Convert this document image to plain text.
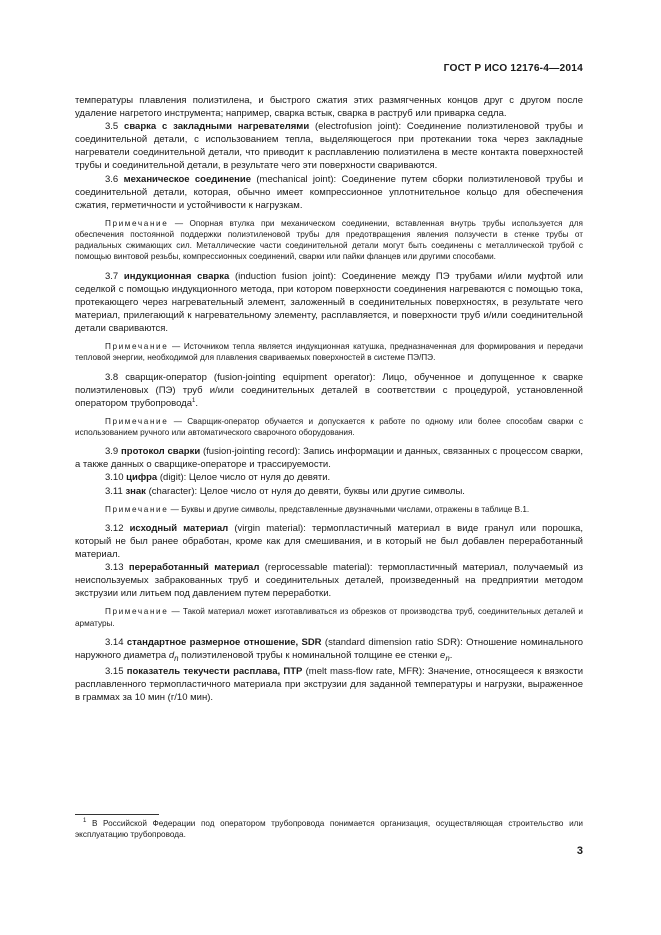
ГОСТ Р ИСО 12176-4—2014

температуры плавления полиэтилена, и быстрого сжатия этих размягченных концов друг с другом после удаление нагретого инструмента; например, сварка встык, сварка в раструб или приварка седла.

3.5 сварка с закладными нагревателями (electrofusion joint): Соединение полиэтиленовой трубы и соединительной детали, с использованием тепла, выделяющегося при протекании тока через закладные нагреватели соединительной детали, что приводит к расплавлению полиэтилена в месте контакта поверхностей трубы и соединительной детали, в результате чего эти поверхности свариваются.

3.6 механическое соединение (mechanical joint): Соединение путем сборки полиэтиленовой трубы и соединительной детали, которая, обычно имеет компрессионное уплотнительное кольцо для обеспечения сжатия, герметичности и устойчивости к нагрузкам.

Примечание — Опорная втулка при механическом соединении, вставленная внутрь трубы используется для обеспечения постоянной поддержки полиэтиленовой трубы для предотвращения явления ползучести в стенке трубы от радиальных сжимающих сил. Металлические части соединительной детали могут быть соединены с металлической трубой с помощью винтовой резьбы, компрессионных соединений, сварки или пайки фланцев или другими способами.

3.7 индукционная сварка (induction fusion joint): Соединение между ПЭ трубами и/или муфтой или седелкой с помощью индукционного метода, при котором поверхности соединения нагреваются с помощью тока, протекающего через нагревательный элемент, заложенный в соединительных поверхностях, в результате чего материал, прилегающий к нагревательному элементу, расплавляется, и поверхности труб и/или соединительной детали свариваются.

Примечание — Источником тепла является индукционная катушка, предназначенная для формирования и передачи тепловой энергии, необходимой для плавления свариваемых поверхностей в системе ПЭ/ПЭ.

3.8 сварщик-оператор (fusion-jointing equipment operator): Лицо, обученное и допущенное к сварке полиэтиленовых (ПЭ) труб и/или соединительных деталей в соответствии с процедурой, установленной оператором трубопровода$^1$.

Примечание — Сварщик-оператор обучается и допускается к работе по одному или более способам сварки с использованием ручного или автоматического сварочного оборудования.

3.9 протокол сварки (fusion-jointing record): Запись информации и данных, связанных с процессом сварки, а также данных о сварщике-операторе и трассируемости.

3.10 цифра (digit): Целое число от нуля до девяти.

3.11 знак (character): Целое число от нуля до девяти, буквы или другие символы.

Примечание — Буквы и другие символы, представленные двузначными числами, отражены в таблице В.1.

3.12 исходный материал (virgin material): термопластичный материал в виде гранул или порошка, который не был ранее обработан, кроме как для смешивания, и в который не был добавлен переработанный материал.

3.13 переработанный материал (reprocessable material): термопластичный материал, получаемый из неиспользуемых забракованных труб и соединительных деталей, произведенный на предприятии методом экструзии или литьем под давлением путем переработки.

Примечание — Такой материал может изготавливаться из обрезков от производства труб, соединительных деталей и арматуры.

3.14 стандартное размерное отношение, SDR (standard dimension ratio SDR): Отношение номинального наружного диаметра $d_n$ полиэтиленовой трубы к номинальной толщине ее стенки $e_n$.

3.15 показатель текучести расплава, ПТР (melt mass-flow rate, MFR): Значение, относящееся к вязкости расплавленного термопластичного материала при экструзии для заданной температуры и нагрузки, выраженное в граммах за 10 мин (г/10 мин).

$^1$ В Российской Федерации под оператором трубопровода понимается организация, осуществляющая строительство или эксплуатацию трубопровода.
3
